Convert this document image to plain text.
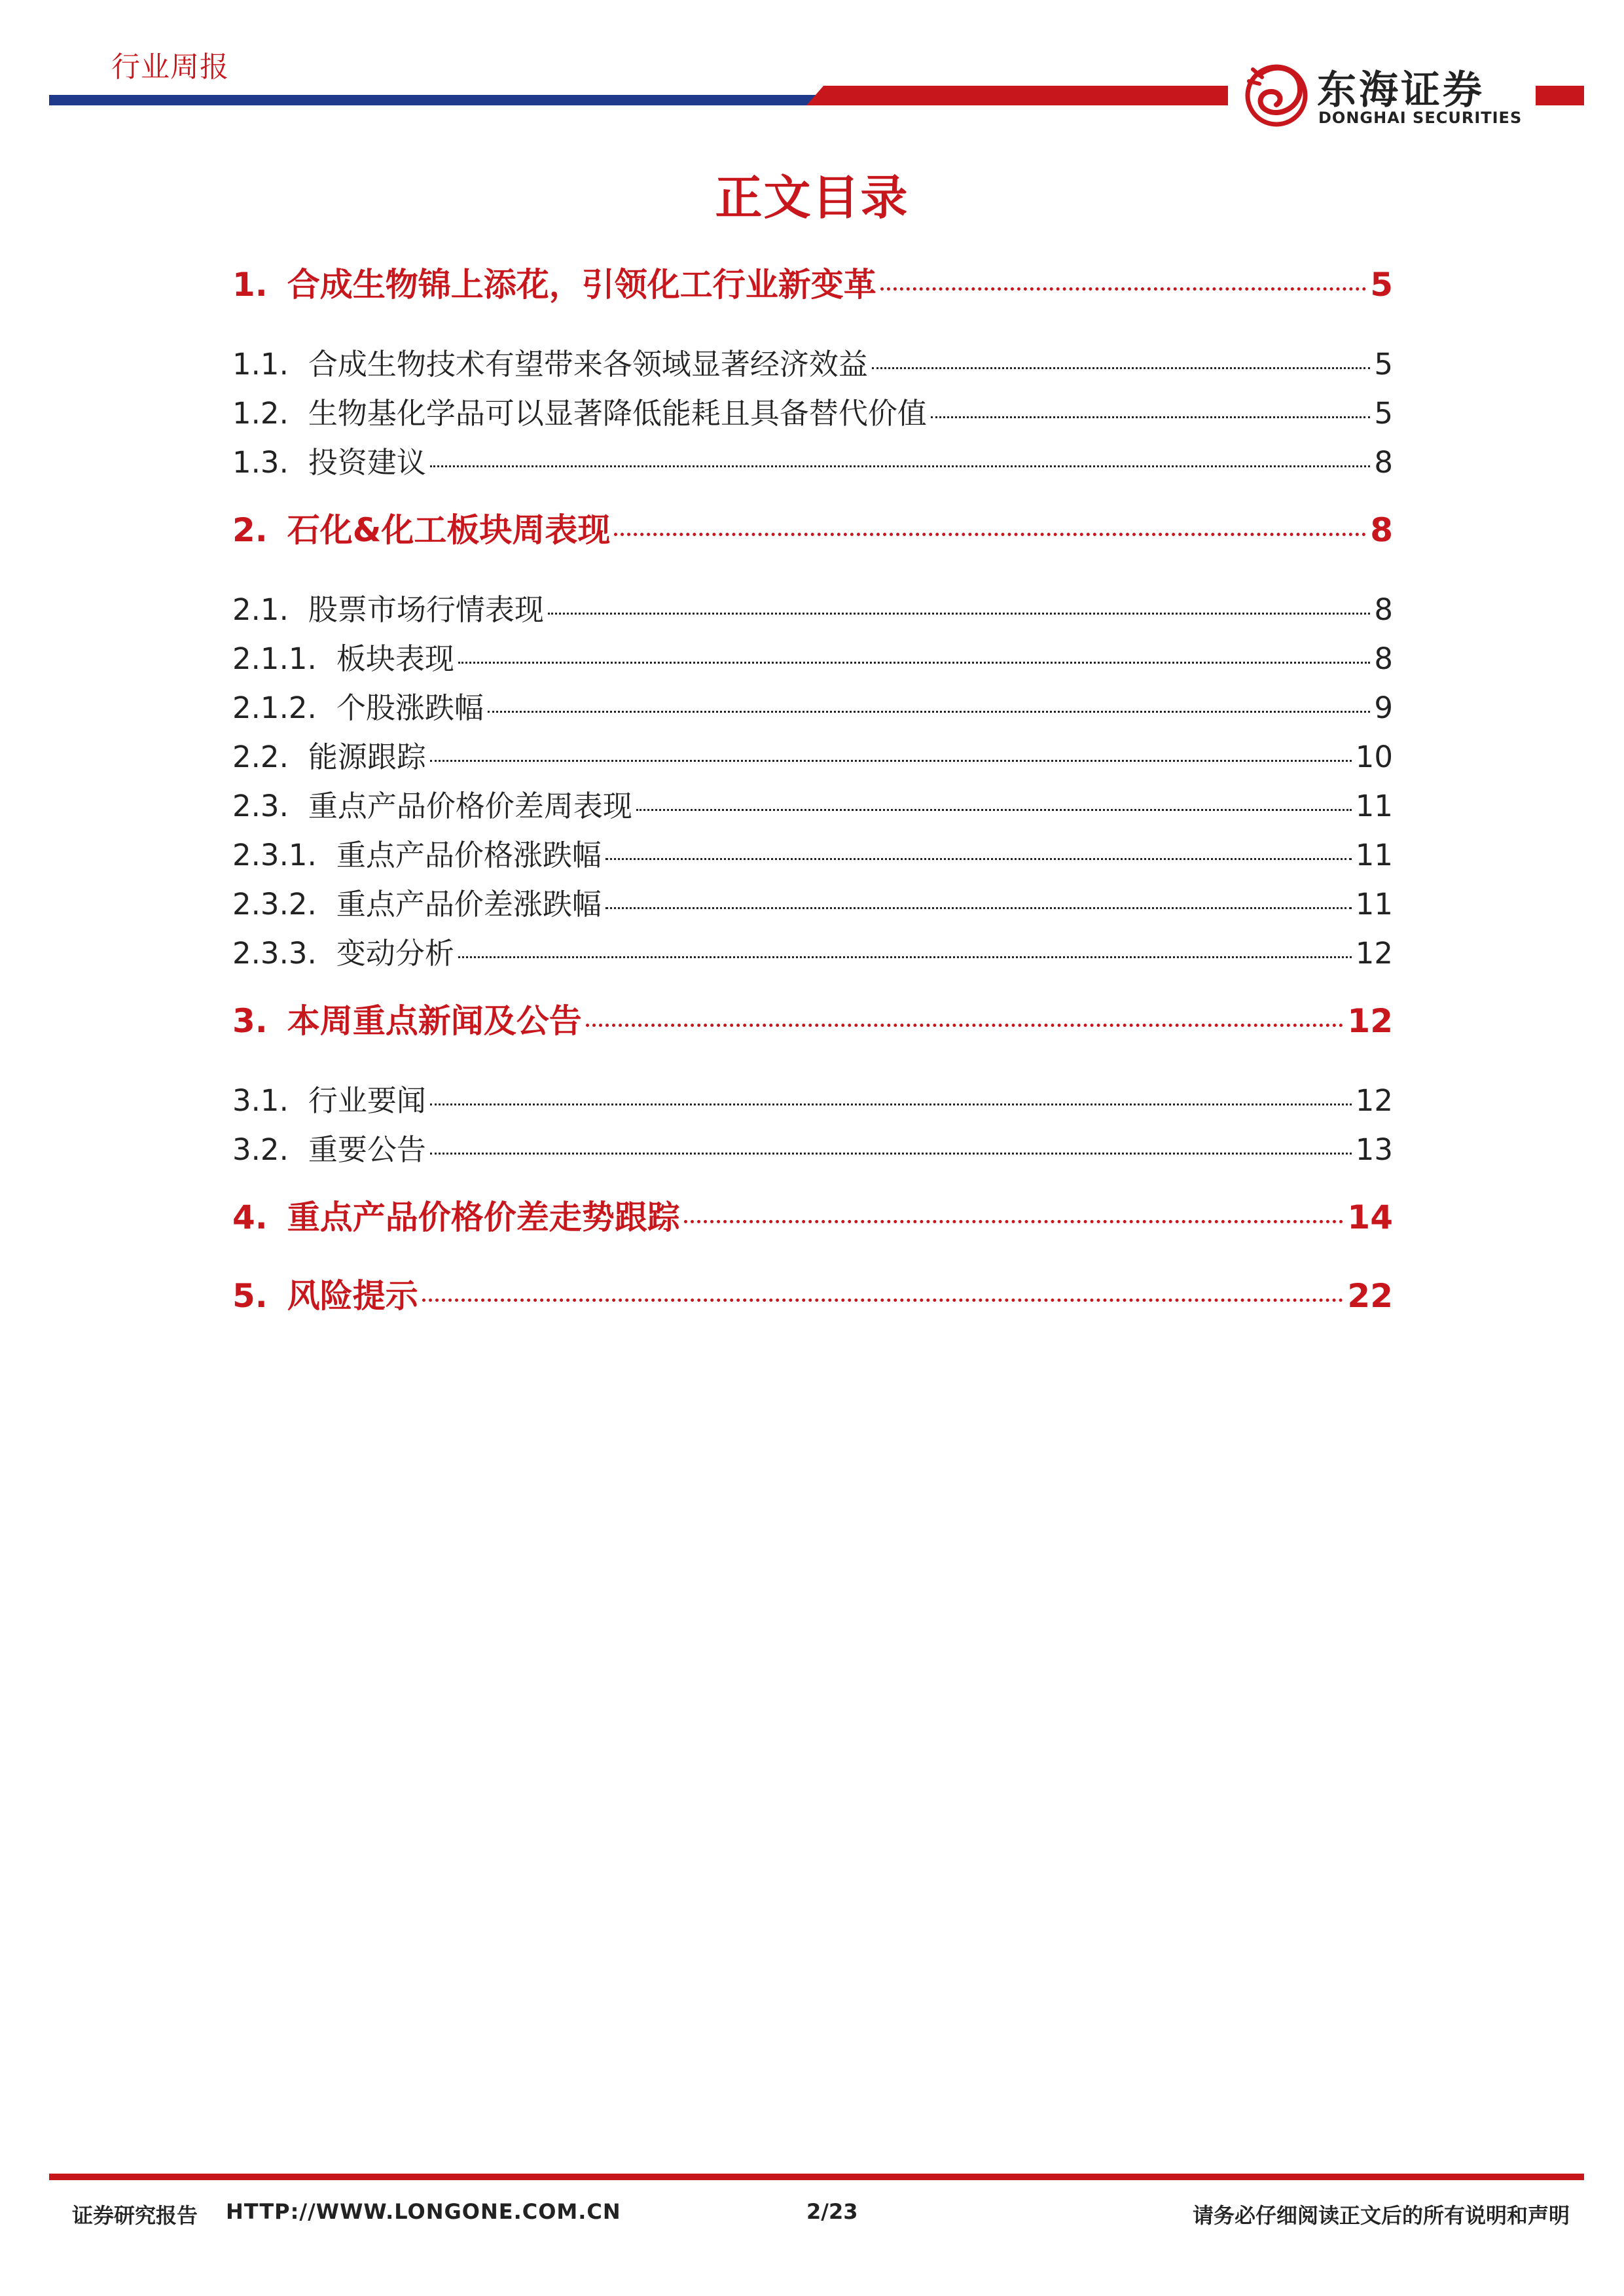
行业周报
东海证券
DONGHAI SECURITIES
正文目录
1. 合成生物锦上添花，引领化工行业新变革	5
1.1. 合成生物技术有望带来各领域显著经济效益	5
1.2. 生物基化学品可以显著降低能耗且具备替代价值	5
1.3. 投资建议	8
2. 石化&化工板块周表现	8
2.1. 股票市场行情表现	8
2.1.1. 板块表现	8
2.1.2. 个股涨跌幅	9
2.2. 能源跟踪	10
2.3. 重点产品价格价差周表现	11
2.3.1. 重点产品价格涨跌幅	11
2.3.2. 重点产品价差涨跌幅	11
2.3.3. 变动分析	12
3. 本周重点新闻及公告	12
3.1. 行业要闻	12
3.2. 重要公告	13
4. 重点产品价格价差走势跟踪	14
5. 风险提示	22
证券研究报告 HTTP://WWW.LONGONE.COM.CN	2/23	请务必仔细阅读正文后的所有说明和声明
